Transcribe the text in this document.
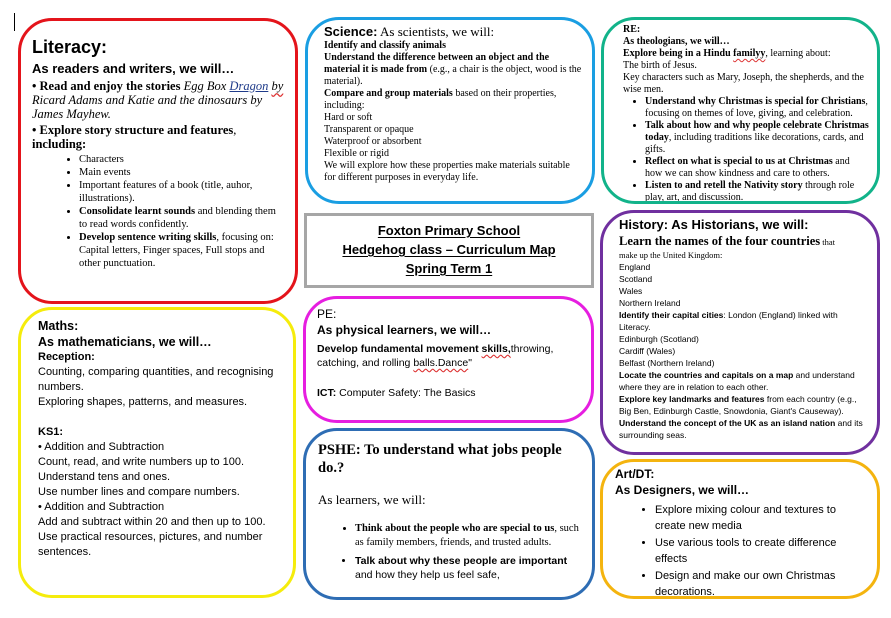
Literacy:

As readers and writers, we will…

• Read and enjoy the stories Egg Box Dragon by Ricard Adams and Katie and the dinosaurs by James Mayhew.

• Explore story structure and features, including:

• Characters
• Main events
• Important features of a book (title, auhor, illustrations).
• Consolidate learnt sounds and blending them to read words confidently.
• Develop sentence writing skills, focusing on: Capital letters, Finger spaces, Full stops and other punctuation.

Science: As scientists, we will:

Identify and classify animals

Understand the difference between an object and the material it is made from (e.g., a chair is the object, wood is the material).

Compare and group materials based on their properties, including:

Hard or soft

Transparent or opaque

Waterproof or absorbent

Flexible or rigid

We will explore how these properties make materials suitable for different purposes in everyday life.

RE:

As theologians, we will…

Explore being in a Hindu familyy, learning about:

The birth of Jesus.

Key characters such as Mary, Joseph, the shepherds, and the wise men.

• Understand why Christmas is special for Christians, focusing on themes of love, giving, and celebration.
• Talk about how and why people celebrate Christmas today, including traditions like decorations, cards, and gifts.
• Reflect on what is special to us at Christmas and how we can show kindness and care to others.
• Listen to and retell the Nativity story through role play, art, and discussion.
Foxton Primary School
Hedgehog class – Curriculum Map
Spring Term 1

History: As Historians, we will:

Learn the names of the four countries that

make up the United Kingdom:

England

Scotland

Wales

Northern Ireland

Identify their capital cities: London (England) linked with Literacy.

Edinburgh (Scotland)

Cardiff (Wales)

Belfast (Northern Ireland)

Locate the countries and capitals on a map and understand where they are in relation to each other.

Explore key landmarks and features from each country (e.g., Big Ben, Edinburgh Castle, Snowdonia, Giant's Causeway).

Understand the concept of the UK as an island nation and its surrounding seas.

Maths:

As mathematicians, we will…

Reception:

Counting, comparing quantities, and recognising numbers.

Exploring shapes, patterns, and measures.

KS1:

• Addition and Subtraction

Count, read, and write numbers up to 100.

Understand tens and ones.

Use number lines and compare numbers.

• Addition and Subtraction

Add and subtract within 20 and then up to 100.

Use practical resources, pictures, and number sentences.

PE:

As physical learners, we will…

Develop fundamental movement skills,throwing, catching, and rolling balls.Dance"

ICT: Computer Safety: The Basics

PSHE: To understand what jobs people do.?

As learners, we will:

• Think about the people who are special to us, such as family members, friends, and trusted adults.
• Talk about why these people are important and how they help us feel safe,

Art/DT:

As Designers, we will…

• Explore mixing colour and textures to create new media
• Use various tools to create difference effects
• Design and make our own Christmas decorations.
